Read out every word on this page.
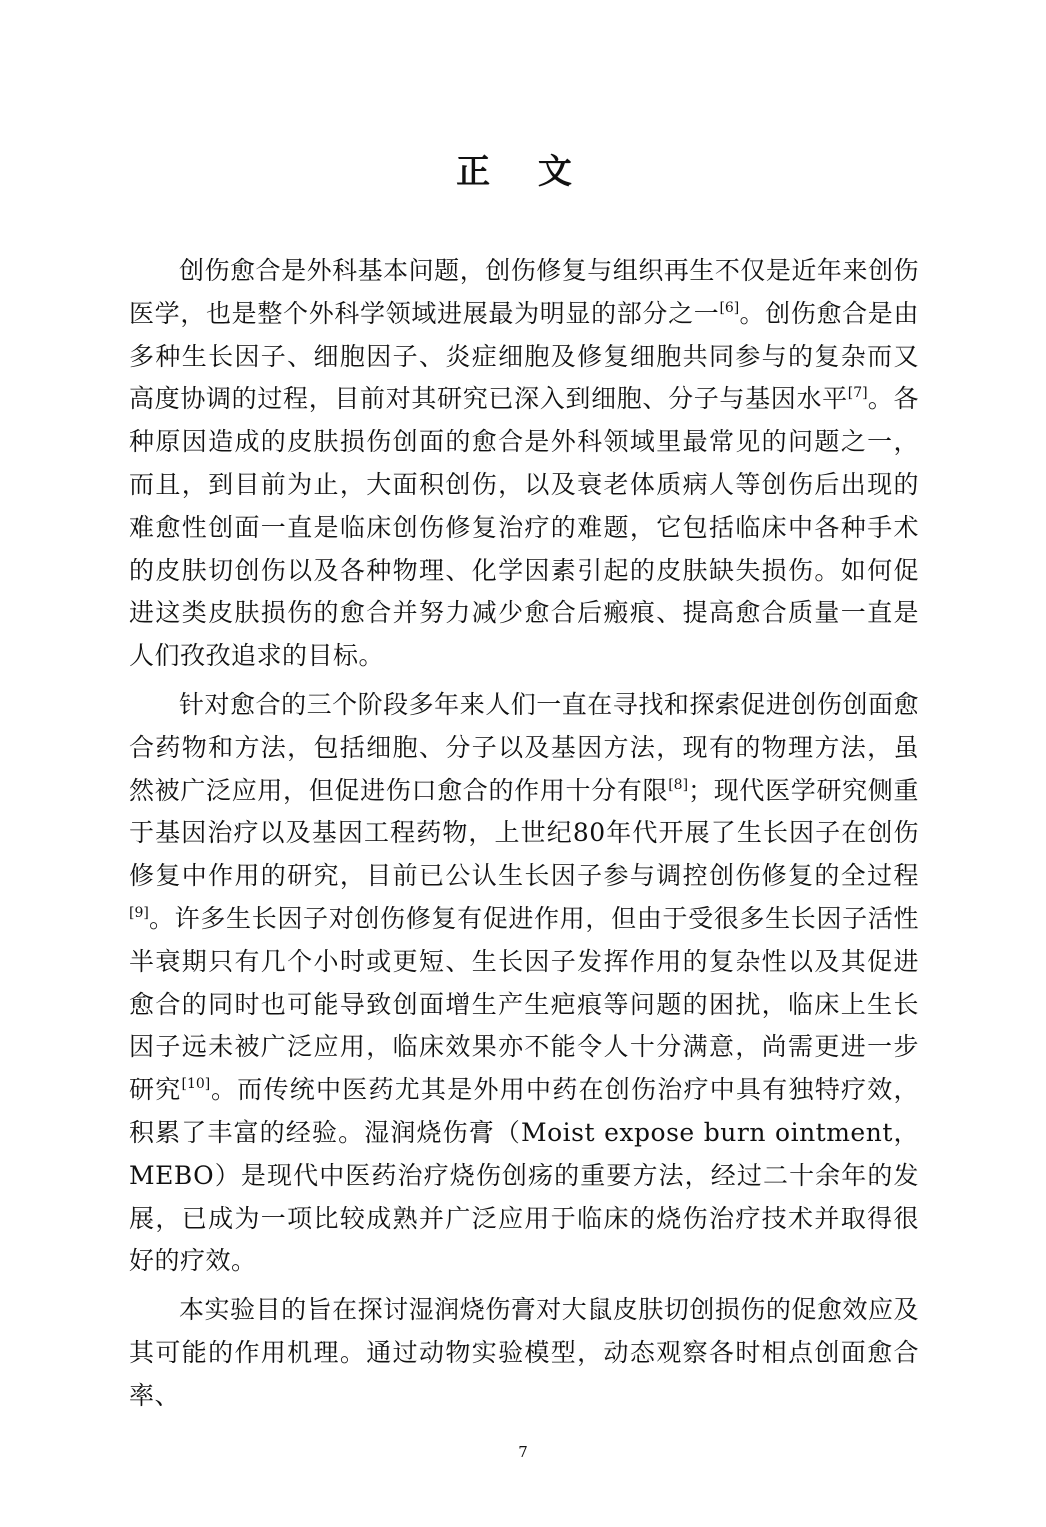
正 文

创伤愈合是外科基本问题，创伤修复与组织再生不仅是近年来创伤医学，也是整个外科学领域进展最为明显的部分之一[6]。创伤愈合是由多种生长因子、细胞因子、炎症细胞及修复细胞共同参与的复杂而又高度协调的过程，目前对其研究已深入到细胞、分子与基因水平[7]。各种原因造成的皮肤损伤创面的愈合是外科领域里最常见的问题之一，而且，到目前为止，大面积创伤，以及衰老体质病人等创伤后出现的难愈性创面一直是临床创伤修复治疗的难题，它包括临床中各种手术的皮肤切创伤以及各种物理、化学因素引起的皮肤缺失损伤。如何促进这类皮肤损伤的愈合并努力减少愈合后瘢痕、提高愈合质量一直是人们孜孜追求的目标。

针对愈合的三个阶段多年来人们一直在寻找和探索促进创伤创面愈合药物和方法，包括细胞、分子以及基因方法，现有的物理方法，虽然被广泛应用，但促进伤口愈合的作用十分有限[8]；现代医学研究侧重于基因治疗以及基因工程药物，上世纪80年代开展了生长因子在创伤修复中作用的研究，目前已公认生长因子参与调控创伤修复的全过程[9]。许多生长因子对创伤修复有促进作用，但由于受很多生长因子活性半衰期只有几个小时或更短、生长因子发挥作用的复杂性以及其促进愈合的同时也可能导致创面增生产生疤痕等问题的困扰，临床上生长因子远未被广泛应用，临床效果亦不能令人十分满意，尚需更进一步研究[10]。而传统中医药尤其是外用中药在创伤治疗中具有独特疗效，积累了丰富的经验。湿润烧伤膏（Moist expose burn ointment，MEBO）是现代中医药治疗烧伤创疡的重要方法，经过二十余年的发展，已成为一项比较成熟并广泛应用于临床的烧伤治疗技术并取得很好的疗效。

本实验目的旨在探讨湿润烧伤膏对大鼠皮肤切创损伤的促愈效应及其可能的作用机理。通过动物实验模型，动态观察各时相点创面愈合率、

7
